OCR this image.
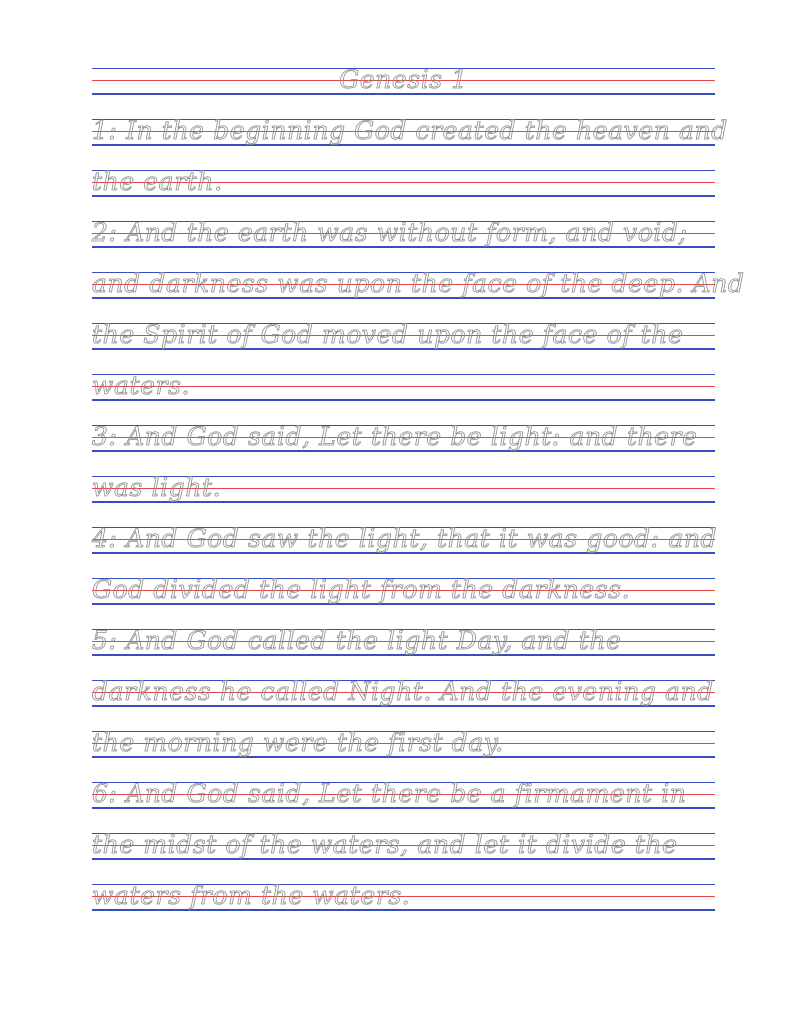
Genesis 1
1: In the beginning God created the heaven and
the earth.
2: And the earth was without form, and void;
and darkness was upon the face of the deep. And
the Spirit of God moved upon the face of the
waters.
3: And God said, Let there be light: and there
was light.
4: And God saw the light, that it was good: and
God divided the light from the darkness.
5: And God called the light Day, and the
darkness he called Night. And the evening and
the morning were the first day.
6: And God said, Let there be a firmament in
the midst of the waters, and let it divide the
waters from the waters.
